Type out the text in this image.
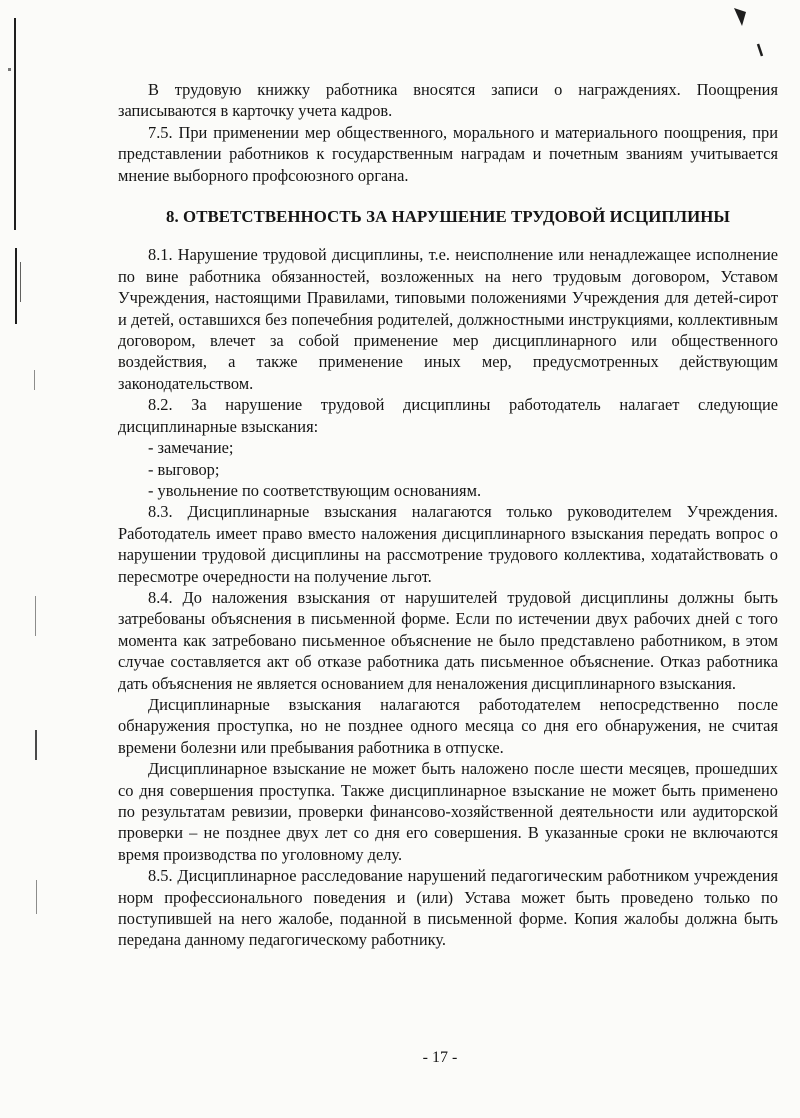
В трудовую книжку работника вносятся записи о награждениях. Поощрения записываются в карточку учета кадров.

7.5. При применении мер общественного, морального и материального поощрения, при представлении работников к государственным наградам и почетным званиям учитывается мнение выборного профсоюзного органа.

8. ОТВЕТСТВЕННОСТЬ ЗА НАРУШЕНИЕ ТРУДОВОЙ ИСЦИПЛИНЫ

8.1. Нарушение трудовой дисциплины, т.е. неисполнение или ненадлежащее исполнение по вине работника обязанностей, возложенных на него трудовым договором, Уставом Учреждения, настоящими Правилами, типовыми положениями Учреждения для детей-сирот и детей, оставшихся без попечебния родителей, должностными инструкциями, коллективным договором, влечет за собой применение мер дисциплинарного или общественного воздействия, а также применение иных мер, предусмотренных действующим законодательством.

8.2. За нарушение трудовой дисциплины работодатель налагает следующие дисциплинарные взыскания:

- замечание;

- выговор;

- увольнение по соответствующим основаниям.

8.3. Дисциплинарные взыскания налагаются только руководителем Учреждения. Работодатель имеет право вместо наложения дисциплинарного взыскания передать вопрос о нарушении трудовой дисциплины на рассмотрение трудового коллектива, ходатайствовать о пересмотре очередности на получение льгот.

8.4. До наложения взыскания от нарушителей трудовой дисциплины должны быть затребованы объяснения в письменной форме. Если по истечении двух рабочих дней с того момента как затребовано письменное объяснение не было представлено работником, в этом случае составляется акт об отказе работника дать письменное объяснение. Отказ работника дать объяснения не является основанием для неналожения дисциплинарного взыскания.

Дисциплинарные взыскания налагаются работодателем непосредственно после обнаружения проступка, но не позднее одного месяца со дня его обнаружения, не считая времени болезни или пребывания работника в отпуске.

Дисциплинарное взыскание не может быть наложено после шести месяцев, прошедших со дня совершения проступка. Также дисциплинарное взыскание не может быть применено по результатам ревизии, проверки финансово-хозяйственной деятельности или аудиторской проверки – не позднее двух лет со дня его совершения. В указанные сроки не включаются время производства по уголовному делу.

8.5. Дисциплинарное расследование нарушений педагогическим работником учреждения норм профессионального поведения и (или) Устава может быть проведено только по поступившей на него жалобе, поданной в письменной форме. Копия жалобы должна быть передана данному педагогическому работнику.

- 17 -
